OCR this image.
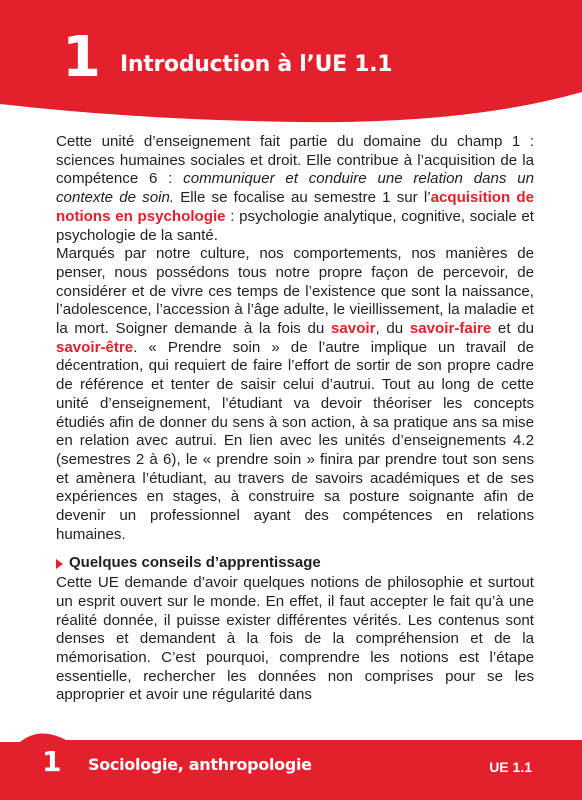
1 Introduction à l’UE 1.1

Cette unité d’enseignement fait partie du domaine du champ 1 : sciences humaines sociales et droit. Elle contribue à l’acquisition de la compétence 6 : communiquer et conduire une relation dans un contexte de soin. Elle se focalise au semestre 1 sur l’acquisition de notions en psychologie : psychologie analytique, cognitive, sociale et psychologie de la santé.

Marqués par notre culture, nos comportements, nos manières de penser, nous possédons tous notre propre façon de percevoir, de considérer et de vivre ces temps de l’existence que sont la naissance, l’adolescence, l’accession à l’âge adulte, le vieillissement, la maladie et la mort. Soigner demande à la fois du savoir, du savoir-faire et du savoir-être. « Prendre soin » de l’autre implique un travail de décentration, qui requiert de faire l’effort de sortir de son propre cadre de référence et tenter de saisir celui d’autrui. Tout au long de cette unité d’enseignement, l’étudiant va devoir théoriser les concepts étudiés afin de donner du sens à son action, à sa pratique ans sa mise en relation avec autrui. En lien avec les unités d’enseignements 4.2 (semestres 2 à 6), le « prendre soin » finira par prendre tout son sens et amènera l’étudiant, au travers de savoirs académiques et de ses expériences en stages, à construire sa posture soignante afin de devenir un professionnel ayant des compétences en relations humaines.

Quelques conseils d’apprentissage

Cette UE demande d’avoir quelques notions de philosophie et surtout un esprit ouvert sur le monde. En effet, il faut accepter le fait qu’à une réalité donnée, il puisse exister différentes vérités. Les contenus sont denses et demandent à la fois de la compréhension et de la mémorisation. C’est pourquoi, comprendre les notions est l’étape essentielle, rechercher les données non comprises pour se les approprier et avoir une régularité dans

1 Sociologie, anthropologie	UE 1.1
